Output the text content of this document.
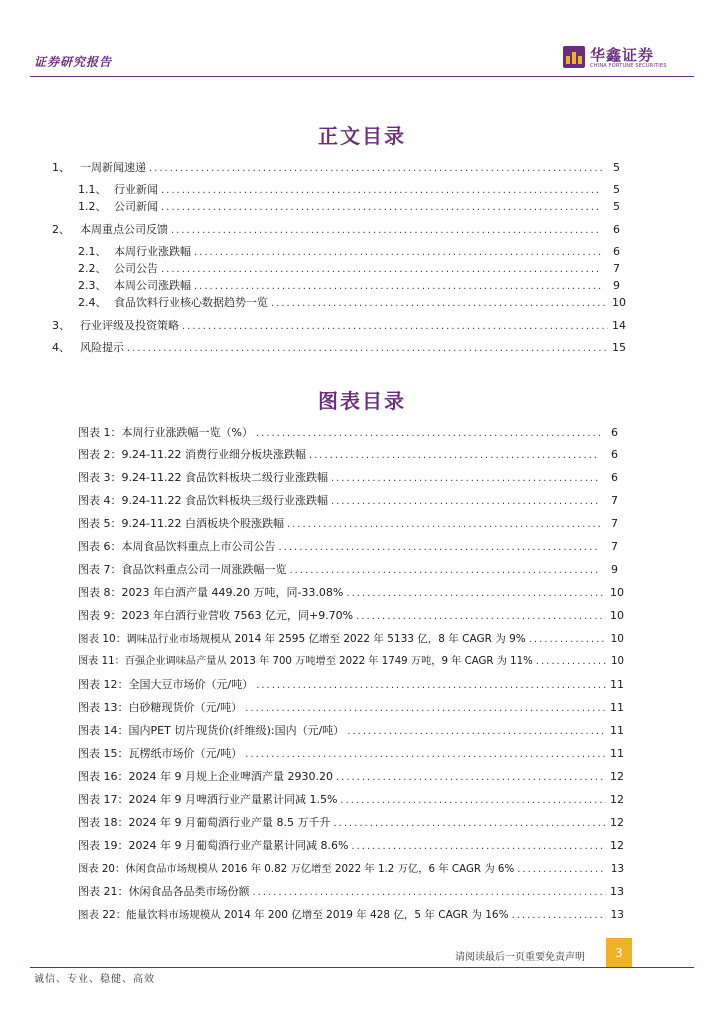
证券研究报告	华鑫证券
CHINA FORTUNE SECURITIES
正文目录
1、 一周新闻速递 .....	5
1.1、 行业新闻 .....	5
1.2、 公司新闻 .....	5
2、 本周重点公司反馈 .....	6
2.1、 本周行业涨跌幅 .....	6
2.2、 公司公告 .....	7
2.3、 本周公司涨跌幅 .....	9
2.4、 食品饮料行业核心数据趋势一览 .....	10
3、 行业评级及投资策略 .....	14
4、 风险提示 .....	15
图表目录
图表 1：本周行业涨跌幅一览（%） .....	6
图表 2：9.24-11.22 消费行业细分板块涨跌幅 .....	6
图表 3：9.24-11.22 食品饮料板块二级行业涨跌幅 .....	6
图表 4：9.24-11.22 食品饮料板块三级行业涨跌幅 .....	7
图表 5：9.24-11.22 白酒板块个股涨跌幅 .....	7
图表 6：本周食品饮料重点上市公司公告 .....	7
图表 7：食品饮料重点公司一周涨跌幅一览 .....	9
图表 8：2023 年白酒产量 449.20 万吨，同-33.08% .....	10
图表 9：2023 年白酒行业营收 7563 亿元，同+9.70% .....	10
图表 10：调味品行业市场规模从 2014 年 2595 亿增至 2022 年 5133 亿，8 年 CAGR 为 9% .....	10
图表 11：百强企业调味品产量从 2013 年 700 万吨增至 2022 年 1749 万吨，9 年 CAGR 为 11% .....	10
图表 12：全国大豆市场价（元/吨） .....	11
图表 13：白砂糖现货价（元/吨） .....	11
图表 14：国内PET 切片现货价(纤维级):国内（元/吨） .....	11
图表 15：瓦楞纸市场价（元/吨） .....	11
图表 16：2024 年 9 月规上企业啤酒产量 2930.20 .....	12
图表 17：2024 年 9 月啤酒行业产量累计同减 1.5% .....	12
图表 18：2024 年 9 月葡萄酒行业产量 8.5 万千升 .....	12
图表 19：2024 年 9 月葡萄酒行业产量累计同减 8.6% .....	12
图表 20：休闲食品市场规模从 2016 年 0.82 万亿增至 2022 年 1.2 万亿，6 年 CAGR 为 6% .....	13
图表 21：休闲食品各品类市场份额 .....	13
图表 22：能量饮料市场规模从 2014 年 200 亿增至 2019 年 428 亿，5 年 CAGR 为 16% .....	13
请阅读最后一页重要免责声明	3
诚信、专业、稳健、高效
